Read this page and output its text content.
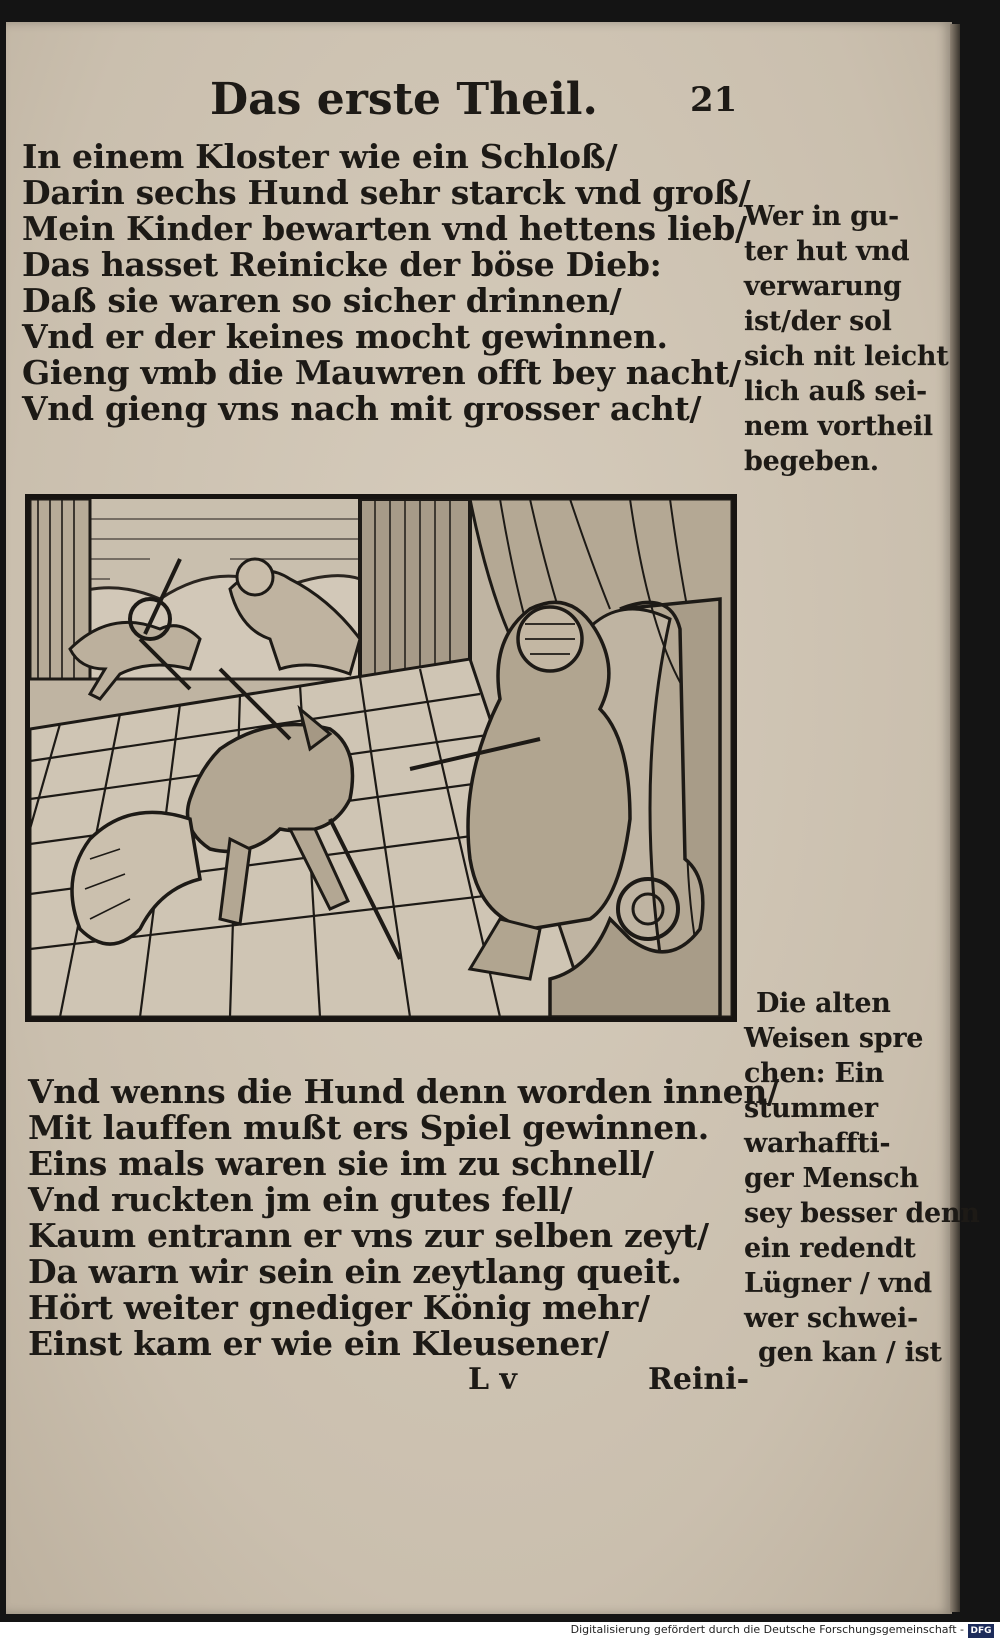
Das erste Theil.	21
In einem Kloster wie ein Schloß/
Darin sechs Hund sehr starck vnd groß/
Mein Kinder bewarten vnd hettens lieb/
Das hasset Reinicke der böse Dieb:
Daß sie waren so sicher drinnen/
Vnd er der keines mocht gewinnen.
Gieng vmb die Mauwren offt bey nacht/
Vnd gieng vns nach mit grosser acht/
Wer in gu-
ter hut vnd
verwarung
ist/der sol
sich nit leicht
lich auß sei-
nem vortheil
begeben.
Die alten
Weisen spre
chen: Ein
stummer
warhaffti-
ger Mensch
sey besser denn
ein redendt
Lügner / vnd
wer schwei-
gen kan / ist
Vnd wenns die Hund denn worden innen/
Mit lauffen mußt ers Spiel gewinnen.
Eins mals waren sie im zu schnell/
Vnd ruckten jm ein gutes fell/
Kaum entrann er vns zur selben zeyt/
Da warn wir sein ein zeytlang queit.
Hört weiter gnediger König mehr/
Einst kam er wie ein Kleusener/
L v	Reini-
Digitalisierung gefördert durch die Deutsche Forschungsgemeinschaft - DFG
